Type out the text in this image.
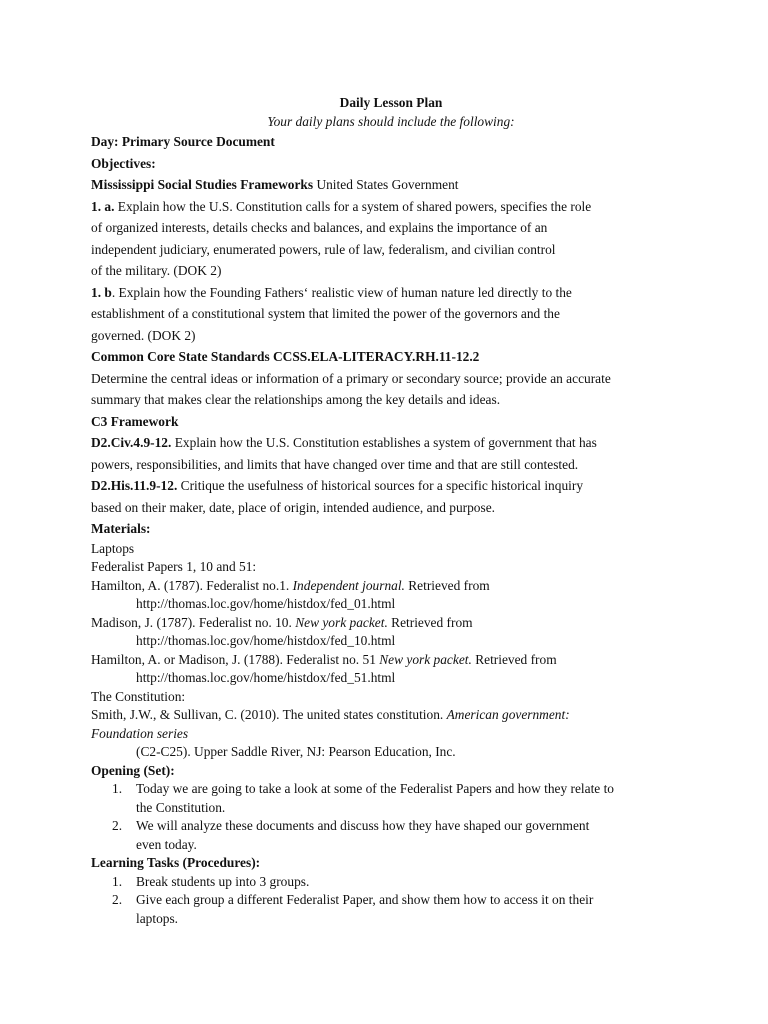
Daily Lesson Plan
Your daily plans should include the following:
Day: Primary Source Document
Objectives:
Mississippi Social Studies Frameworks United States Government
1. a. Explain how the U.S. Constitution calls for a system of shared powers, specifies the role
of organized interests, details checks and balances, and explains the importance of an
independent judiciary, enumerated powers, rule of law, federalism, and civilian control
of the military. (DOK 2)
1. b. Explain how the Founding Fathers‘ realistic view of human nature led directly to the
establishment of a constitutional system that limited the power of the governors and the
governed. (DOK 2)
Common Core State Standards CCSS.ELA-LITERACY.RH.11-12.2
Determine the central ideas or information of a primary or secondary source; provide an accurate
summary that makes clear the relationships among the key details and ideas.
C3 Framework
D2.Civ.4.9-12. Explain how the U.S. Constitution establishes a system of government that has
powers, responsibilities, and limits that have changed over time and that are still contested.
D2.His.11.9-12. Critique the usefulness of historical sources for a specific historical inquiry
based on their maker, date, place of origin, intended audience, and purpose.
Materials:
Laptops
Federalist Papers 1, 10 and 51:
Hamilton, A. (1787). Federalist no.1. Independent journal. Retrieved from
http://thomas.loc.gov/home/histdox/fed_01.html
Madison, J. (1787). Federalist no. 10. New york packet. Retrieved from
http://thomas.loc.gov/home/histdox/fed_10.html
Hamilton, A. or Madison, J. (1788). Federalist no. 51 New york packet. Retrieved from
http://thomas.loc.gov/home/histdox/fed_51.html
The Constitution:
Smith, J.W., & Sullivan, C. (2010). The united states constitution. American government:
Foundation series
(C2-C25). Upper Saddle River, NJ: Pearson Education, Inc.
Opening (Set):
1.	Today we are going to take a look at some of the Federalist Papers and how they relate to
the Constitution.
2.	We will analyze these documents and discuss how they have shaped our government
even today.
Learning Tasks (Procedures):
1.	Break students up into 3 groups.
2.	Give each group a different Federalist Paper, and show them how to access it on their
laptops.
